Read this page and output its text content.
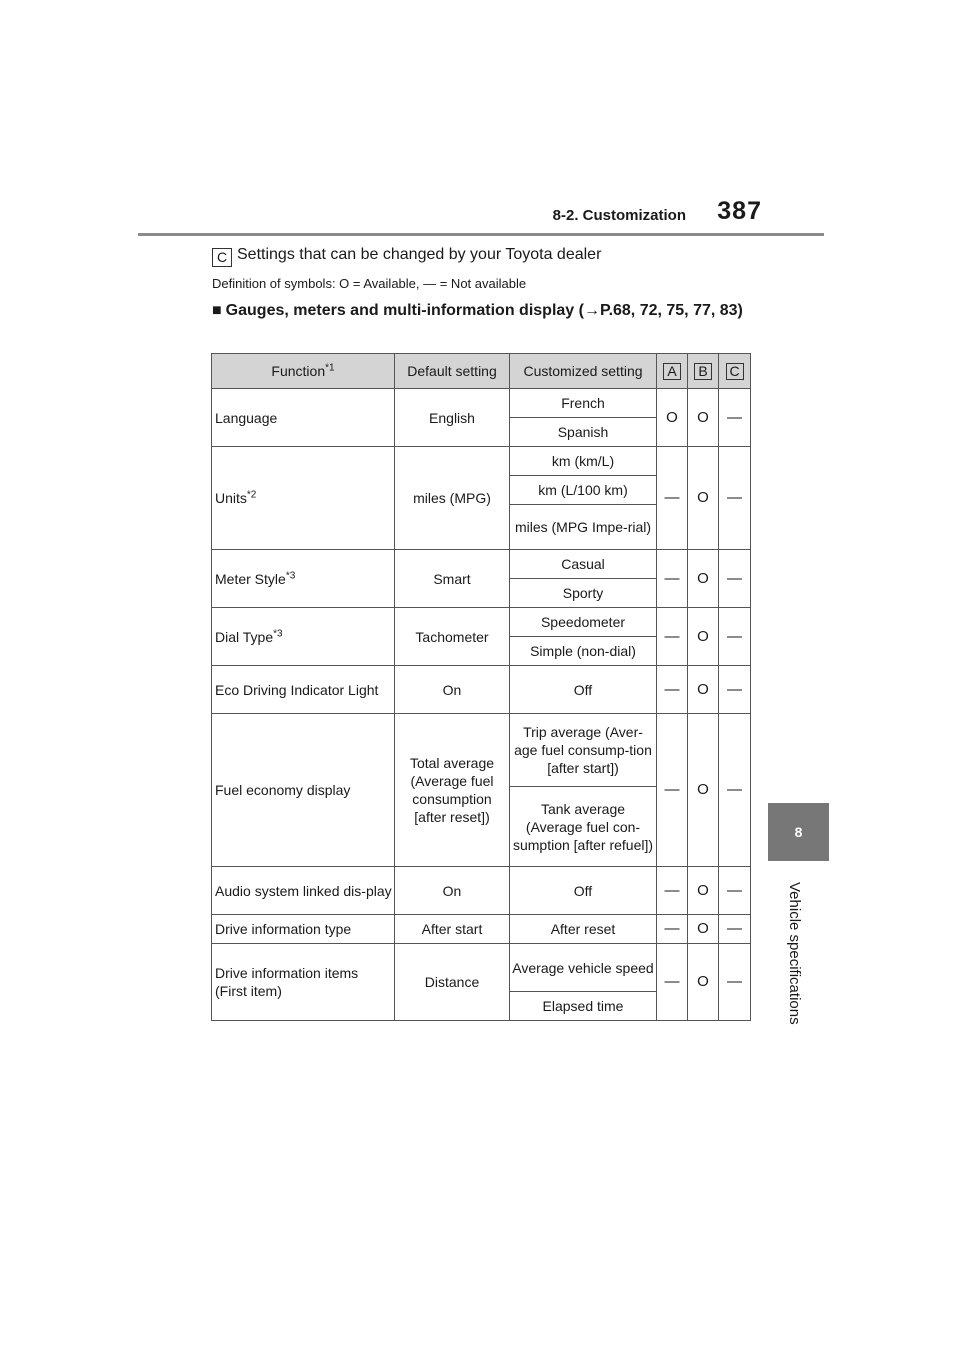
8-2. Customization	387
8
Vehicle specifications
C Settings that can be changed by your Toyota dealer
Definition of symbols: O = Available, — = Not available
■ Gauges, meters and multi-information display (→P.68, 72, 75, 77, 83)
Function$^{*1}$	Default setting	Customized setting	A	B	C
Language	English	French	O	O	—
		Spanish			
Units$^{*2}$	miles (MPG)	km (km/L)	—	O	—
		km (L/100 km)			
		miles (MPG Impe-rial)			
Meter Style$^{*3}$	Smart	Casual	—	O	—
		Sporty			
Dial Type$^{*3}$	Tachometer	Speedometer	—	O	—
		Simple (non-dial)			
Eco Driving Indicator Light	On	Off	—	O	—
Fuel economy display	Total average (Average fuel consumption [after reset])	Trip average (Aver-age fuel consump-tion [after start])	—	O	—
		Tank average (Average fuel con-sumption [after refuel])			
Audio system linked dis-play	On	Off	—	O	—
Drive information type	After start	After reset	—	O	—
Drive information items (First item)	Distance	Average vehicle speed	—	O	—
		Elapsed time			
